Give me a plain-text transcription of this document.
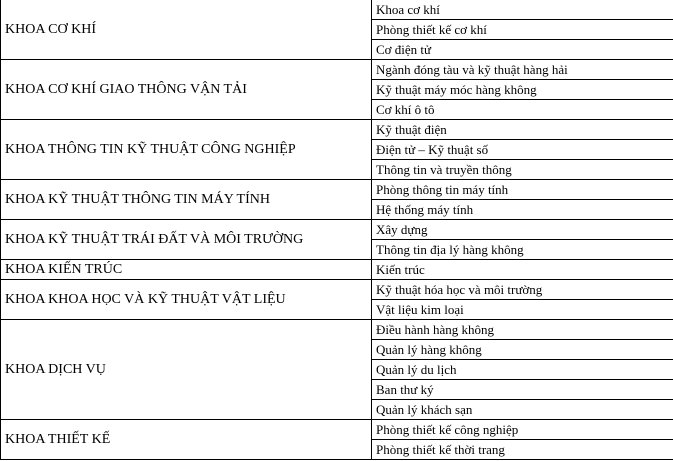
KHOA CƠ KHÍ	Khoa cơ khí
	Phòng thiết kế cơ khí
	Cơ điện tử
KHOA CƠ KHÍ GIAO THÔNG VẬN TẢI	Ngành đóng tàu và kỹ thuật hàng hải
	Kỹ thuật máy móc hàng không
	Cơ khí ô tô
KHOA THÔNG TIN KỸ THUẬT CÔNG NGHIỆP	Kỹ thuật điện
	Điện tử – Kỹ thuật số
	Thông tin và truyền thông
KHOA KỸ THUẬT THÔNG TIN MÁY TÍNH	Phòng thông tin máy tính
	Hệ thống máy tính
KHOA KỸ THUẬT TRÁI ĐẤT VÀ MÔI TRƯỜNG	Xây dựng
	Thông tin địa lý hàng không
KHOA KIẾN TRÚC	Kiến trúc
KHOA KHOA HỌC VÀ KỸ THUẬT VẬT LIỆU	Kỹ thuật hóa học và môi trường
	Vật liệu kim loại
KHOA DỊCH VỤ	Điều hành hàng không
	Quản lý hàng không
	Quản lý du lịch
	Ban thư ký
	Quản lý khách sạn
KHOA THIẾT KẾ	Phòng thiết kế công nghiệp
	Phòng thiết kế thời trang
